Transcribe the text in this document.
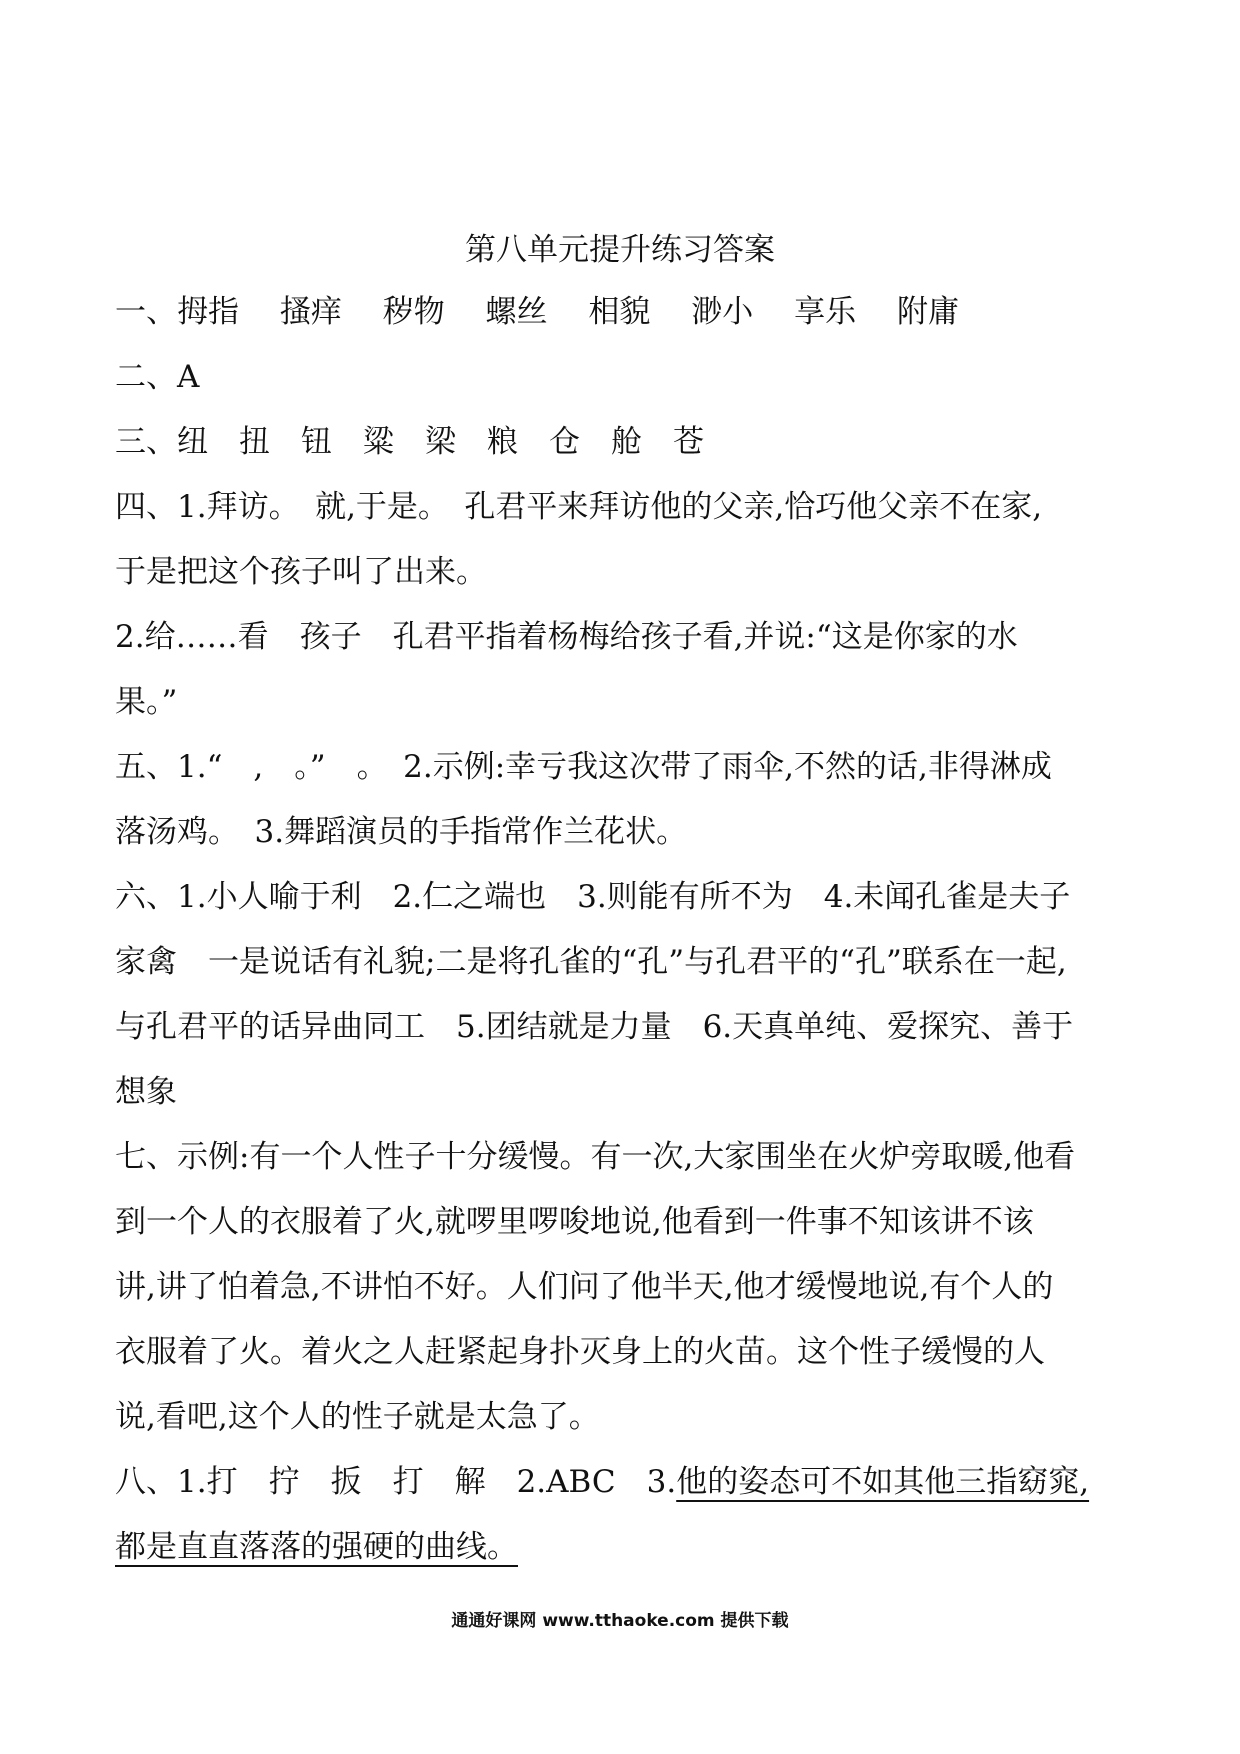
第八单元提升练习答案
一、拇指　 搔痒　 秽物　 螺丝　 相貌　 渺小　 享乐　 附庸
二、A
三、纽　扭　钮　粱　梁　粮　仓　舱　苍
四、1.拜访。　就,于是。　孔君平来拜访他的父亲,恰巧他父亲不在家,
于是把这个孩子叫了出来。
2.给……看　孩子　孔君平指着杨梅给孩子看,并说:“这是你家的水
果。”
五、1.“　,　。”　。　2.示例:幸亏我这次带了雨伞,不然的话,非得淋成
落汤鸡。　3.舞蹈演员的手指常作兰花状。
六、1.小人喻于利　2.仁之端也　3.则能有所不为　4.未闻孔雀是夫子
家禽　一是说话有礼貌;二是将孔雀的“孔”与孔君平的“孔”联系在一起,
与孔君平的话异曲同工　5.团结就是力量　6.天真单纯、爱探究、善于
想象
七、示例:有一个人性子十分缓慢。有一次,大家围坐在火炉旁取暖,他看
到一个人的衣服着了火,就啰里啰唆地说,他看到一件事不知该讲不该
讲,讲了怕着急,不讲怕不好。人们问了他半天,他才缓慢地说,有个人的
衣服着了火。着火之人赶紧起身扑灭身上的火苗。这个性子缓慢的人
说,看吧,这个人的性子就是太急了。
八、1.打　拧　扳　打　解　2.ABC　3.他的姿态可不如其他三指窈窕,
都是直直落落的强硬的曲线。
通通好课网 www.tthaoke.com 提供下载
